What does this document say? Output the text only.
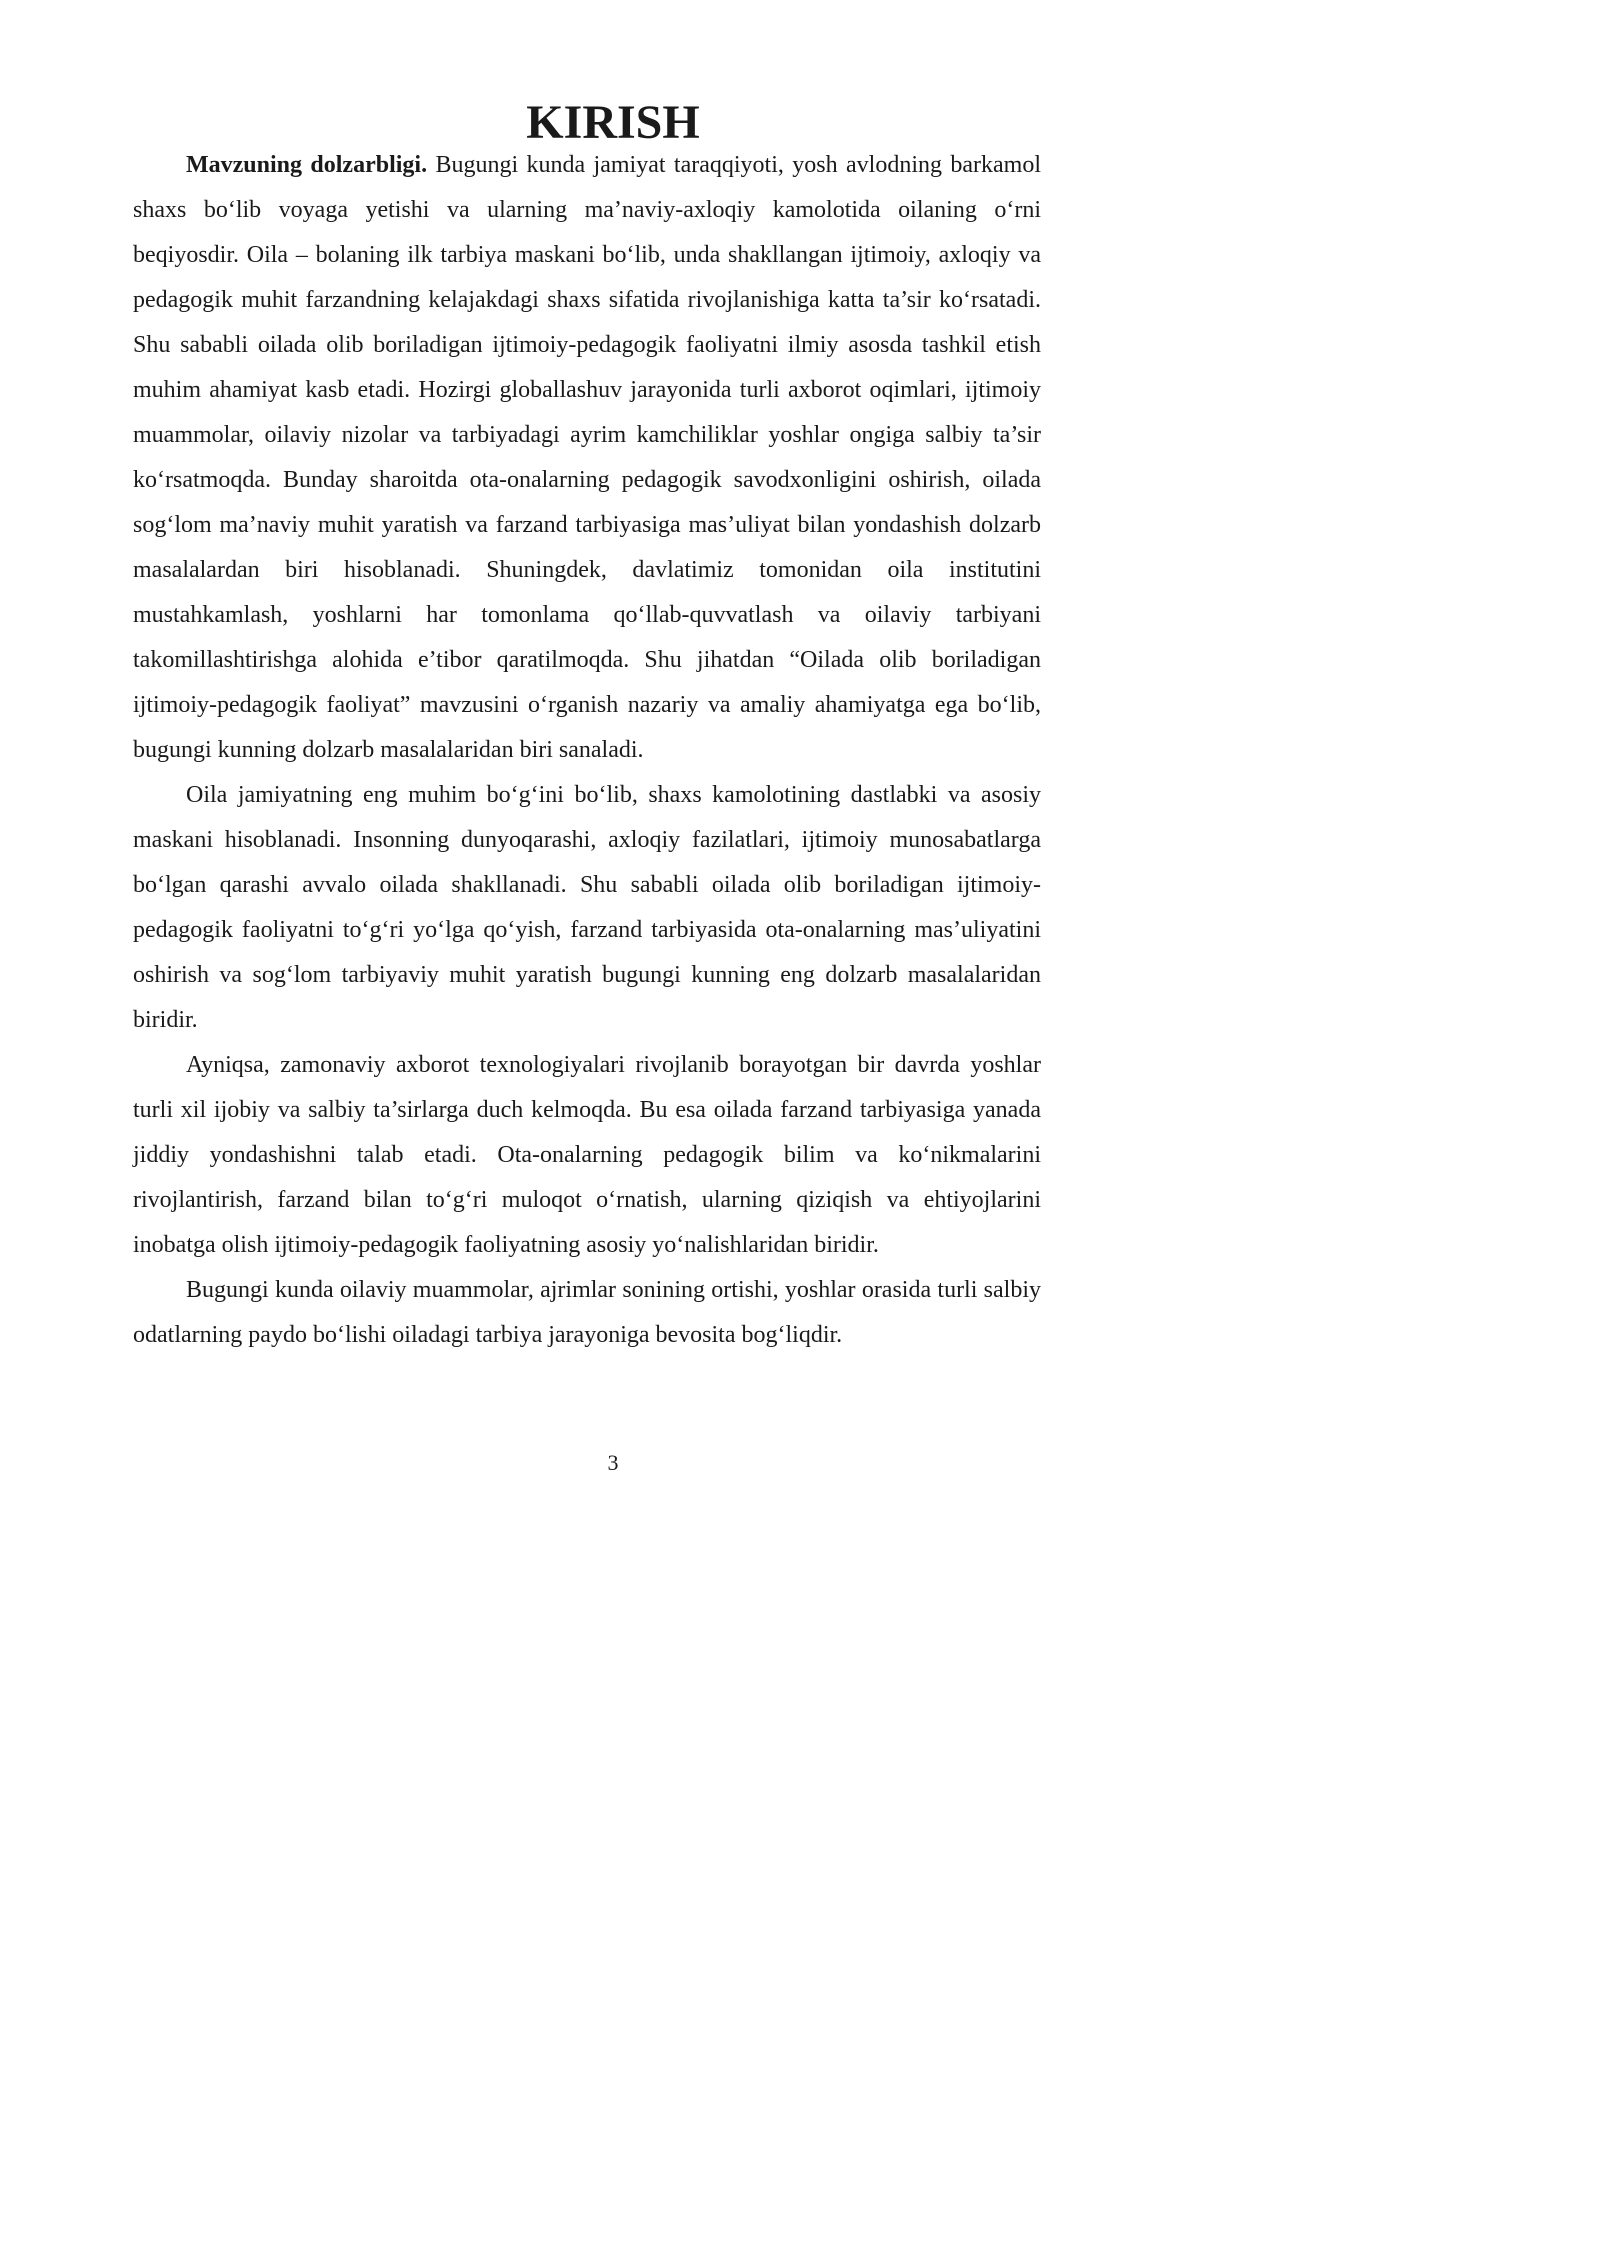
KIRISH

Mavzuning dolzarbligi. Bugungi kunda jamiyat taraqqiyoti, yosh avlodning barkamol shaxs bo‘lib voyaga yetishi va ularning ma’naviy-axloqiy kamolotida oilaning o‘rni beqiyosdir. Oila – bolaning ilk tarbiya maskani bo‘lib, unda shakllangan ijtimoiy, axloqiy va pedagogik muhit farzandning kelajakdagi shaxs sifatida rivojlanishiga katta ta’sir ko‘rsatadi. Shu sababli oilada olib boriladigan ijtimoiy-pedagogik faoliyatni ilmiy asosda tashkil etish muhim ahamiyat kasb etadi. Hozirgi globallashuv jarayonida turli axborot oqimlari, ijtimoiy muammolar, oilaviy nizolar va tarbiyadagi ayrim kamchiliklar yoshlar ongiga salbiy ta’sir ko‘rsatmoqda. Bunday sharoitda ota-onalarning pedagogik savodxonligini oshirish, oilada sog‘lom ma’naviy muhit yaratish va farzand tarbiyasiga mas’uliyat bilan yondashish dolzarb masalalardan biri hisoblanadi. Shuningdek, davlatimiz tomonidan oila institutini mustahkamlash, yoshlarni har tomonlama qo‘llab-quvvatlash va oilaviy tarbiyani takomillashtirishga alohida e’tibor qaratilmoqda. Shu jihatdan “Oilada olib boriladigan ijtimoiy-pedagogik faoliyat” mavzusini o‘rganish nazariy va amaliy ahamiyatga ega bo‘lib, bugungi kunning dolzarb masalalaridan biri sanaladi.

Oila jamiyatning eng muhim bo‘g‘ini bo‘lib, shaxs kamolotining dastlabki va asosiy maskani hisoblanadi. Insonning dunyoqarashi, axloqiy fazilatlari, ijtimoiy munosabatlarga bo‘lgan qarashi avvalo oilada shakllanadi. Shu sababli oilada olib boriladigan ijtimoiy-pedagogik faoliyatni to‘g‘ri yo‘lga qo‘yish, farzand tarbiyasida ota-onalarning mas’uliyatini oshirish va sog‘lom tarbiyaviy muhit yaratish bugungi kunning eng dolzarb masalalaridan biridir.

Ayniqsa, zamonaviy axborot texnologiyalari rivojlanib borayotgan bir davrda yoshlar turli xil ijobiy va salbiy ta’sirlarga duch kelmoqda. Bu esa oilada farzand tarbiyasiga yanada jiddiy yondashishni talab etadi. Ota-onalarning pedagogik bilim va ko‘nikmalarini rivojlantirish, farzand bilan to‘g‘ri muloqot o‘rnatish, ularning qiziqish va ehtiyojlarini inobatga olish ijtimoiy-pedagogik faoliyatning asosiy yo‘nalishlaridan biridir.

Bugungi kunda oilaviy muammolar, ajrimlar sonining ortishi, yoshlar orasida turli salbiy odatlarning paydo bo‘lishi oiladagi tarbiya jarayoniga bevosita bog‘liqdir.

3
